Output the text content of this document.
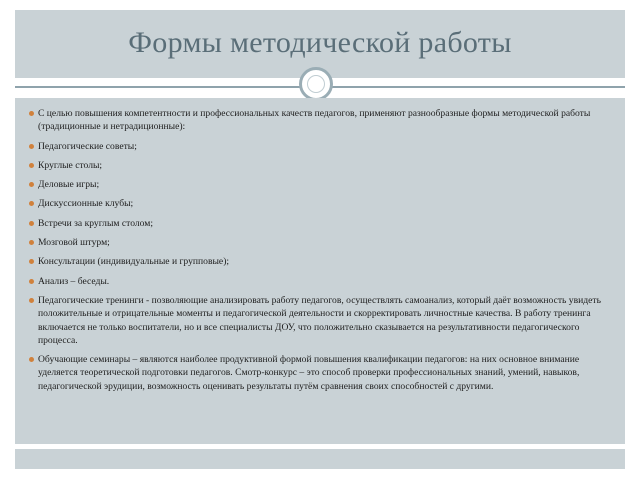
Формы методической работы
С целью повышения компетентности и профессиональных качеств педагогов, применяют разнообразные формы методической работы (традиционные и нетрадиционные):
Педагогические советы;
Круглые столы;
Деловые игры;
Дискуссионные клубы;
Встречи за круглым столом;
Мозговой штурм;
Консультации (индивидуальные и групповые);
Анализ – беседы.
Педагогические тренинги - позволяющие анализировать работу педагогов, осуществлять самоанализ, который даёт возможность увидеть положительные и отрицательные моменты и педагогической деятельности и скорректировать личностные качества. В работу тренинга включается не только воспитатели, но и все специалисты ДОУ, что положительно сказывается на результативности педагогического процесса.
Обучающие семинары – являются наиболее продуктивной формой повышения квалификации педагогов: на них основное внимание уделяется теоретической подготовки педагогов. Смотр-конкурс – это способ проверки профессиональных знаний, умений, навыков, педагогической эрудиции, возможность оценивать результаты путём сравнения своих способностей с другими.
